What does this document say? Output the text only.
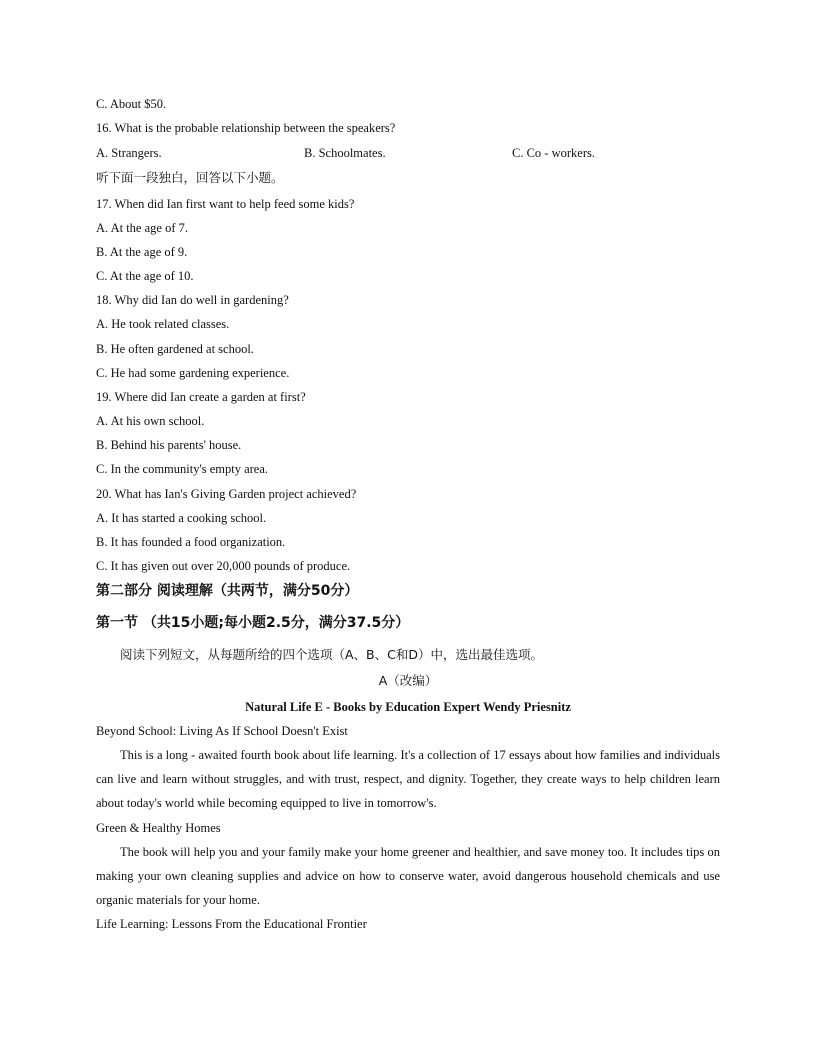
C. About $50.
16. What is the probable relationship between the speakers?
A. Strangers.	B. Schoolmates.	C. Co - workers.
听下面一段独白，回答以下小题。
17. When did Ian first want to help feed some kids?
A. At the age of 7.
B. At the age of 9.
C. At the age of 10.
18. Why did Ian do well in gardening?
A. He took related classes.
B. He often gardened at school.
C. He had some gardening experience.
19. Where did Ian create a garden at first?
A. At his own school.
B. Behind his parents' house.
C. In the community's empty area.
20. What has Ian's Giving Garden project achieved?
A. It has started a cooking school.
B. It has founded a food organization.
C. It has given out over 20,000 pounds of produce.
第二部分 阅读理解（共两节，满分50分）
第一节 （共15小题;每小题2.5分，满分37.5分）
阅读下列短文，从每题所给的四个选项（A、B、C和D）中，选出最佳选项。
A（改编）
Natural Life E - Books by Education Expert Wendy Priesnitz
Beyond School: Living As If School Doesn't Exist
This is a long - awaited fourth book about life learning. It's a collection of 17 essays about how families and individuals can live and learn without struggles, and with trust, respect, and dignity. Together, they create ways to help children learn about today's world while becoming equipped to live in tomorrow's.
Green & Healthy Homes
The book will help you and your family make your home greener and healthier, and save money too. It includes tips on making your own cleaning supplies and advice on how to conserve water, avoid dangerous household chemicals and use organic materials for your home.
Life Learning: Lessons From the Educational Frontier
